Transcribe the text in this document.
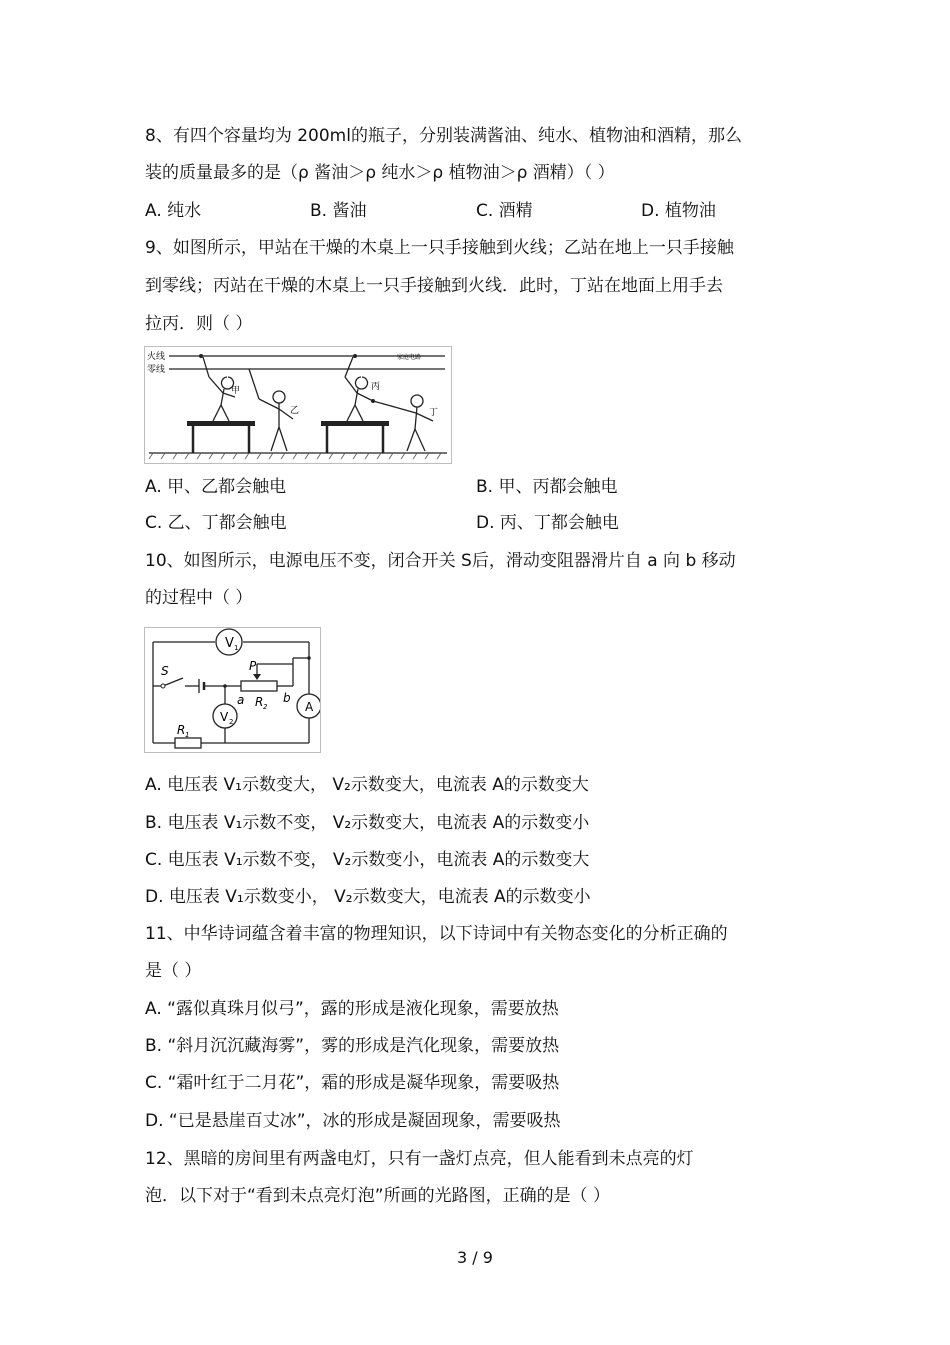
8、有四个容量均为 200ml的瓶子，分别装满酱油、纯水、植物油和酒精，那么
装的质量最多的是（ρ 酱油＞ρ 纯水＞ρ 植物油＞ρ 酒精）（ ）
A. 纯水	B. 酱油	C. 酒精	D. 植物油
9、如图所示，甲站在干燥的木桌上一只手接触到火线；乙站在地上一只手接触
到零线；丙站在干燥的木桌上一只手接触到火线．此时，丁站在地面上用手去
拉丙．则（ ）
火线
零线
家庭电路
甲
乙
丙
丁
A. 甲、乙都会触电	B. 甲、丙都会触电
C. 乙、丁都会触电	D. 丙、丁都会触电
10、如图所示，电源电压不变，闭合开关 S后，滑动变阻器滑片自 a 向 b 移动
的过程中（ ）
V 1
A
V 2
S	P
R 2
R 1
a	b
A. 电压表 V₁示数变大， V₂示数变大，电流表 A的示数变大
B. 电压表 V₁示数不变， V₂示数变大，电流表 A的示数变小
C. 电压表 V₁示数不变， V₂示数变小，电流表 A的示数变大
D. 电压表 V₁示数变小， V₂示数变大，电流表 A的示数变小
11、中华诗词蕴含着丰富的物理知识，以下诗词中有关物态变化的分析正确的
是（ ）
A. “露似真珠月似弓”，露的形成是液化现象，需要放热
B. “斜月沉沉藏海雾”，雾的形成是汽化现象，需要放热
C. “霜叶红于二月花”，霜的形成是凝华现象，需要吸热
D. “已是悬崖百丈冰”，冰的形成是凝固现象，需要吸热
12、黑暗的房间里有两盏电灯，只有一盏灯点亮，但人能看到未点亮的灯
泡．以下对于“看到未点亮灯泡”所画的光路图，正确的是（ ）
3 / 9
